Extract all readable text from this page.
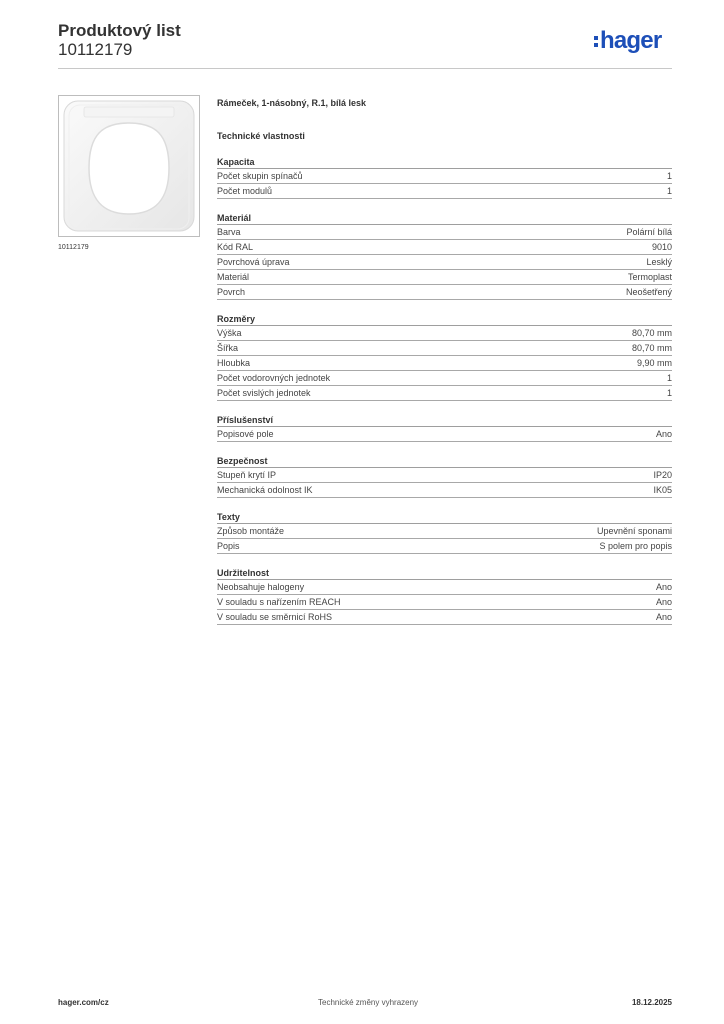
Produktový list
10112179	hager
10112179
Rámeček, 1-násobný, R.1, bílá lesk
Technické vlastnosti
Kapacita
Počet skupin spínačů	1
Počet modulů	1
Materiál
Barva	Polární bílá
Kód RAL	9010
Povrchová úprava	Lesklý
Materiál	Termoplast
Povrch	Neošetřený
Rozměry
Výška	80,70 mm
Šířka	80,70 mm
Hloubka	9,90 mm
Počet vodorovných jednotek	1
Počet svislých jednotek	1
Příslušenství
Popisové pole	Ano
Bezpečnost
Stupeň krytí IP	IP20
Mechanická odolnost IK	IK05
Texty
Způsob montáže	Upevnění sponami
Popis	S polem pro popis
Udržitelnost
Neobsahuje halogeny	Ano
V souladu s nařízením REACH	Ano
V souladu se směrnicí RoHS	Ano
hager.com/cz	Technické změny vyhrazeny	18.12.2025
